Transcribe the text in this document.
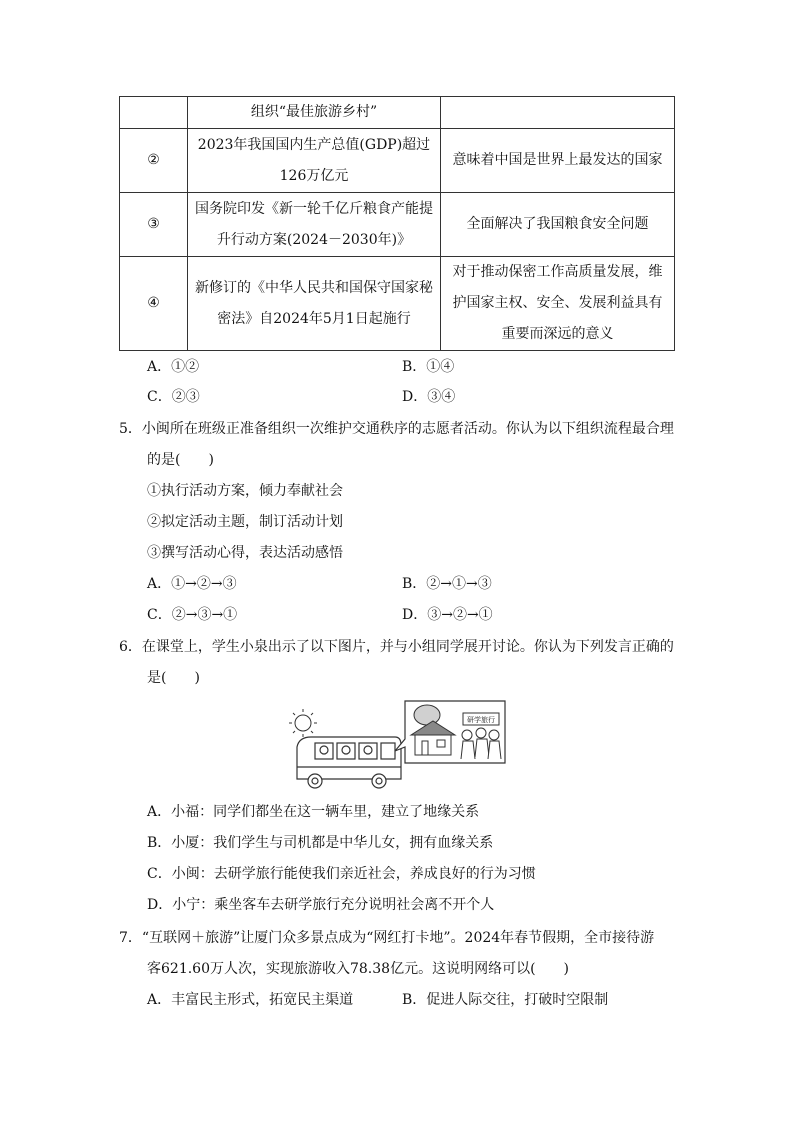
	组织“最佳旅游乡村”	
②	2023年我国国内生产总值(GDP)超过126万亿元	意味着中国是世界上最发达的国家
③	国务院印发《新一轮千亿斤粮食产能提升行动方案(2024－2030年)》	全面解决了我国粮食安全问题
④	新修订的《中华人民共和国保守国家秘密法》自2024年5月1日起施行	对于推动保密工作高质量发展，维护国家主权、安全、发展利益具有重要而深远的意义
A．①②	B．①④
C．②③	D．③④
5．小闽所在班级正准备组织一次维护交通秩序的志愿者活动。你认为以下组织流程最合理
的是(　　)
①执行活动方案，倾力奉献社会
②拟定活动主题，制订活动计划
③撰写活动心得，表达活动感悟
A．①→②→③	B．②→①→③
C．②→③→①	D．③→②→①
6．在课堂上，学生小泉出示了以下图片，并与小组同学展开讨论。你认为下列发言正确的
是(　　)
研学旅行
A．小福：同学们都坐在这一辆车里，建立了地缘关系
B．小厦：我们学生与司机都是中华儿女，拥有血缘关系
C．小闽：去研学旅行能使我们亲近社会，养成良好的行为习惯
D．小宁：乘坐客车去研学旅行充分说明社会离不开个人
7．“互联网＋旅游”让厦门众多景点成为“网红打卡地”。2024年春节假期，全市接待游
客621.60万人次，实现旅游收入78.38亿元。这说明网络可以(　　)
A．丰富民主形式，拓宽民主渠道	B．促进人际交往，打破时空限制
